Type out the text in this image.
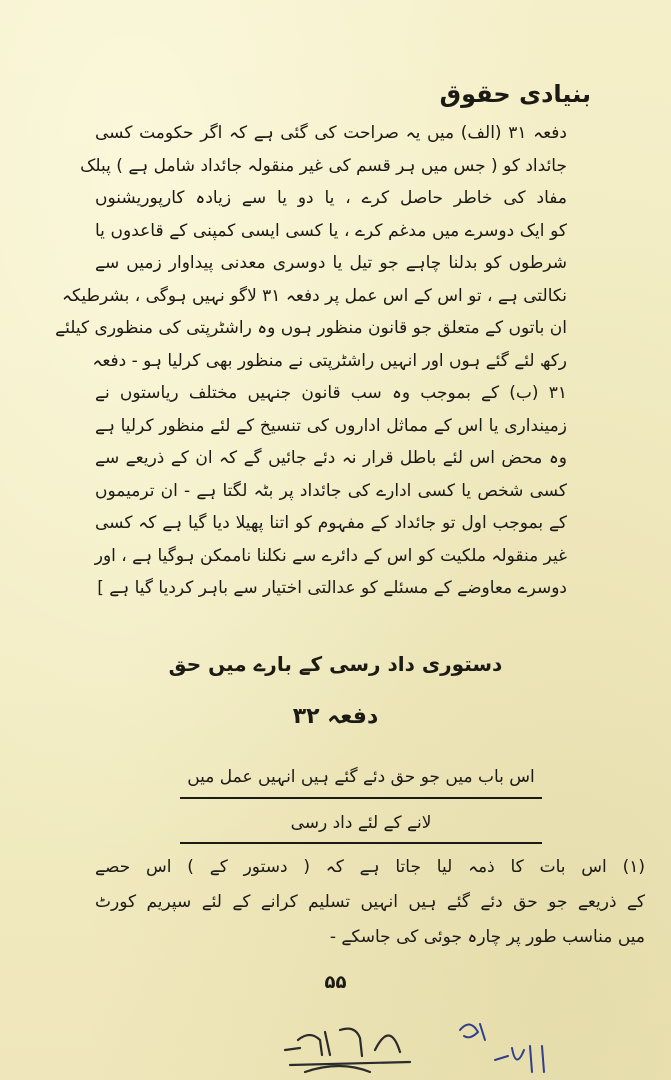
بنیادی حقوق
دفعہ ۳۱ (الف) میں یہ صراحت کی گئی ہے کہ اگر حکومت کسی
جائداد کو ( جس میں ہر قسم کی غیر منقولہ جائداد شامل ہے ) پبلک
مفاد کی خاطر حاصل کرے ، یا دو یا سے زیادہ کارپوریشنوں
کو ایک دوسرے میں مدغم کرے ، یا کسی ایسی کمپنی کے قاعدوں یا
شرطوں کو بدلنا چاہے جو تیل یا دوسری معدنی پیداوار زمیں سے
نکالتی ہے ، تو اس کے اس عمل پر دفعہ ۳۱ لاگو نہیں ہوگی ، بشرطیکہ
ان باتوں کے متعلق جو قانون منظور ہوں وہ راشٹرپتی کی منظوری کیلئے
رکھ لئے گئے ہوں اور انہیں راشٹرپتی نے منظور بھی کرلیا ہو - دفعہ
۳۱ (ب) کے بموجب وہ سب قانون جنہیں مختلف ریاستوں نے
زمینداری یا اس کے مماثل اداروں کی تنسیخ کے لئے منظور کرلیا ہے
وہ محض اس لئے باطل قرار نہ دئے جائیں گے کہ ان کے ذریعے سے
کسی شخص یا کسی ادارے کی جائداد پر بٹہ لگتا ہے - ان ترمیموں
کے بموجب اول تو جائداد کے مفہوم کو اتنا پھیلا دیا گیا ہے کہ کسی
غیر منقولہ ملکیت کو اس کے دائرے سے نکلنا ناممکن ہوگیا ہے ، اور
دوسرے معاوضے کے مسئلے کو عدالتی اختیار سے باہر کردیا گیا ہے ]
دستوری داد رسی کے بارے میں حق
دفعہ ۳۲
اس باب میں جو حق دئے گئے ہیں انہیں عمل میں
لانے کے لئے داد رسی
(۱) اس بات کا ذمہ لیا جاتا ہے کہ ( دستور کے ) اس حصے
کے ذریعے جو حق دئے گئے ہیں انہیں تسلیم کرانے کے لئے سپریم کورٹ
میں مناسب طور پر چارہ جوئی کی جاسکے -
۵۵
